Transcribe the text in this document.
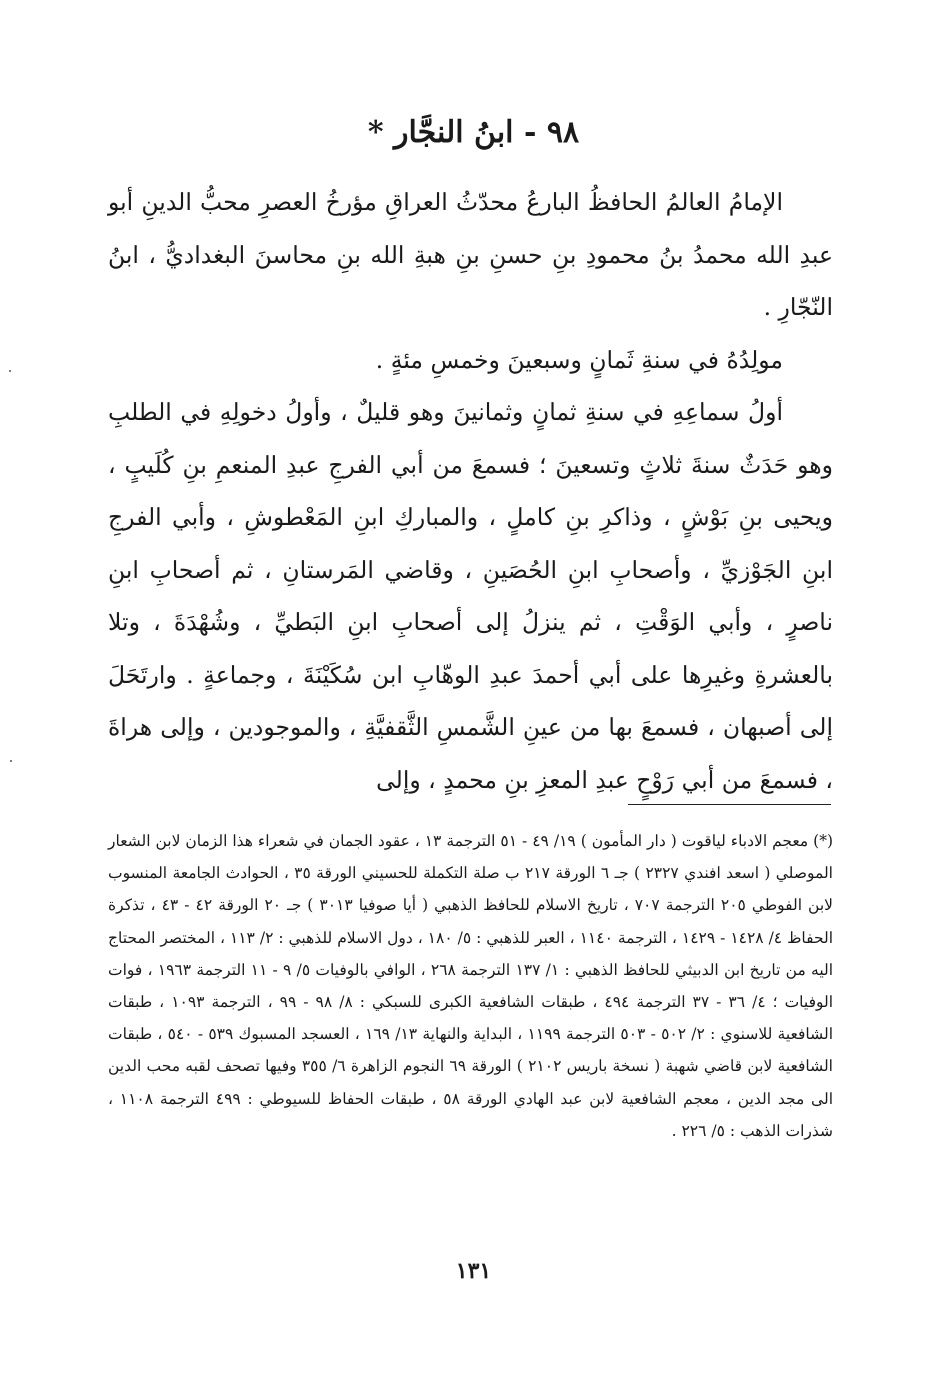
٩٨ - ابنُ النجَّار *

الإمامُ العالمُ الحافظُ البارعُ محدّثُ العراقِ مؤرخُ العصرِ محبُّ الدينِ أبو عبدِ الله محمدُ بنُ محمودِ بنِ حسنِ بنِ هبةِ الله بنِ محاسنَ البغداديُّ ، ابنُ النّجّارِ .

مولِدُهُ في سنةِ ثَمانٍ وسبعينَ وخمسِ مئةٍ .

أولُ سماعِهِ في سنةِ ثمانٍ وثمانينَ وهو قليلٌ ، وأولُ دخولِهِ في الطلبِ وهو حَدَثٌ سنةَ ثلاثٍ وتسعينَ ؛ فسمعَ من أبي الفرجِ عبدِ المنعمِ بنِ كُلَيبٍ ، ويحيى بنِ بَوْشٍ ، وذاكرِ بنِ كاملٍ ، والمباركِ ابنِ المَعْطوشِ ، وأبي الفرجِ ابنِ الجَوْزيِّ ، وأصحابِ ابنِ الحُصَينِ ، وقاضي المَرستانِ ، ثم أصحابِ ابنِ ناصرٍ ، وأبي الوَقْتِ ، ثم ينزلُ إلى أصحابِ ابنِ البَطيِّ ، وشُهْدَةَ ، وتلا بالعشرةِ وغيرِها على أبي أحمدَ عبدِ الوهّابِ ابن سُكَيْنَةَ ، وجماعةٍ . وارتَحَلَ إلى أصبهان ، فسمعَ بها من عينِ الشَّمسِ الثَّقفيَّةِ ، والموجودين ، وإلى هراةَ ، فسمعَ من أبي رَوْحٍ عبدِ المعزِ بنِ محمدٍ ، وإلى

(*) معجم الادباء لياقوت ( دار المأمون ) ١٩/ ٤٩ - ٥١ الترجمة ١٣ ، عقود الجمان في شعراء هذا الزمان لابن الشعار الموصلي ( اسعد افندي ٢٣٢٧ ) جـ ٦ الورقة ٢١٧ ب صلة التكملة للحسيني الورقة ٣٥ ، الحوادث الجامعة المنسوب لابن الفوطي ٢٠٥ الترجمة ٧٠٧ ، تاريخ الاسلام للحافظ الذهبي ( أيا صوفيا ٣٠١٣ ) جـ ٢٠ الورقة ٤٢ - ٤٣ ، تذكرة الحفاظ ٤/ ١٤٢٨ - ١٤٢٩ ، الترجمة ١١٤٠ ، العبر للذهبي : ٥/ ١٨٠ ، دول الاسلام للذهبي : ٢/ ١١٣ ، المختصر المحتاج اليه من تاريخ ابن الدبيثي للحافظ الذهبي : ١/ ١٣٧ الترجمة ٢٦٨ ، الوافي بالوفيات ٥/ ٩ - ١١ الترجمة ١٩٦٣ ، فوات الوفيات ؛ ٤/ ٣٦ - ٣٧ الترجمة ٤٩٤ ، طبقات الشافعية الكبرى للسبكي : ٨/ ٩٨ - ٩٩ ، الترجمة ١٠٩٣ ، طبقات الشافعية للاسنوي : ٢/ ٥٠٢ - ٥٠٣ الترجمة ١١٩٩ ، البداية والنهاية ١٣/ ١٦٩ ، العسجد المسبوك ٥٣٩ - ٥٤٠ ، طبقات الشافعية لابن قاضي شهبة ( نسخة باريس ٢١٠٢ ) الورقة ٦٩ النجوم الزاهرة ٦/ ٣٥٥ وفيها تصحف لقبه محب الدين الى مجد الدين ، معجم الشافعية لابن عبد الهادي الورقة ٥٨ ، طبقات الحفاظ للسيوطي : ٤٩٩ الترجمة ١١٠٨ ، شذرات الذهب : ٥/ ٢٢٦ .

١٣١
